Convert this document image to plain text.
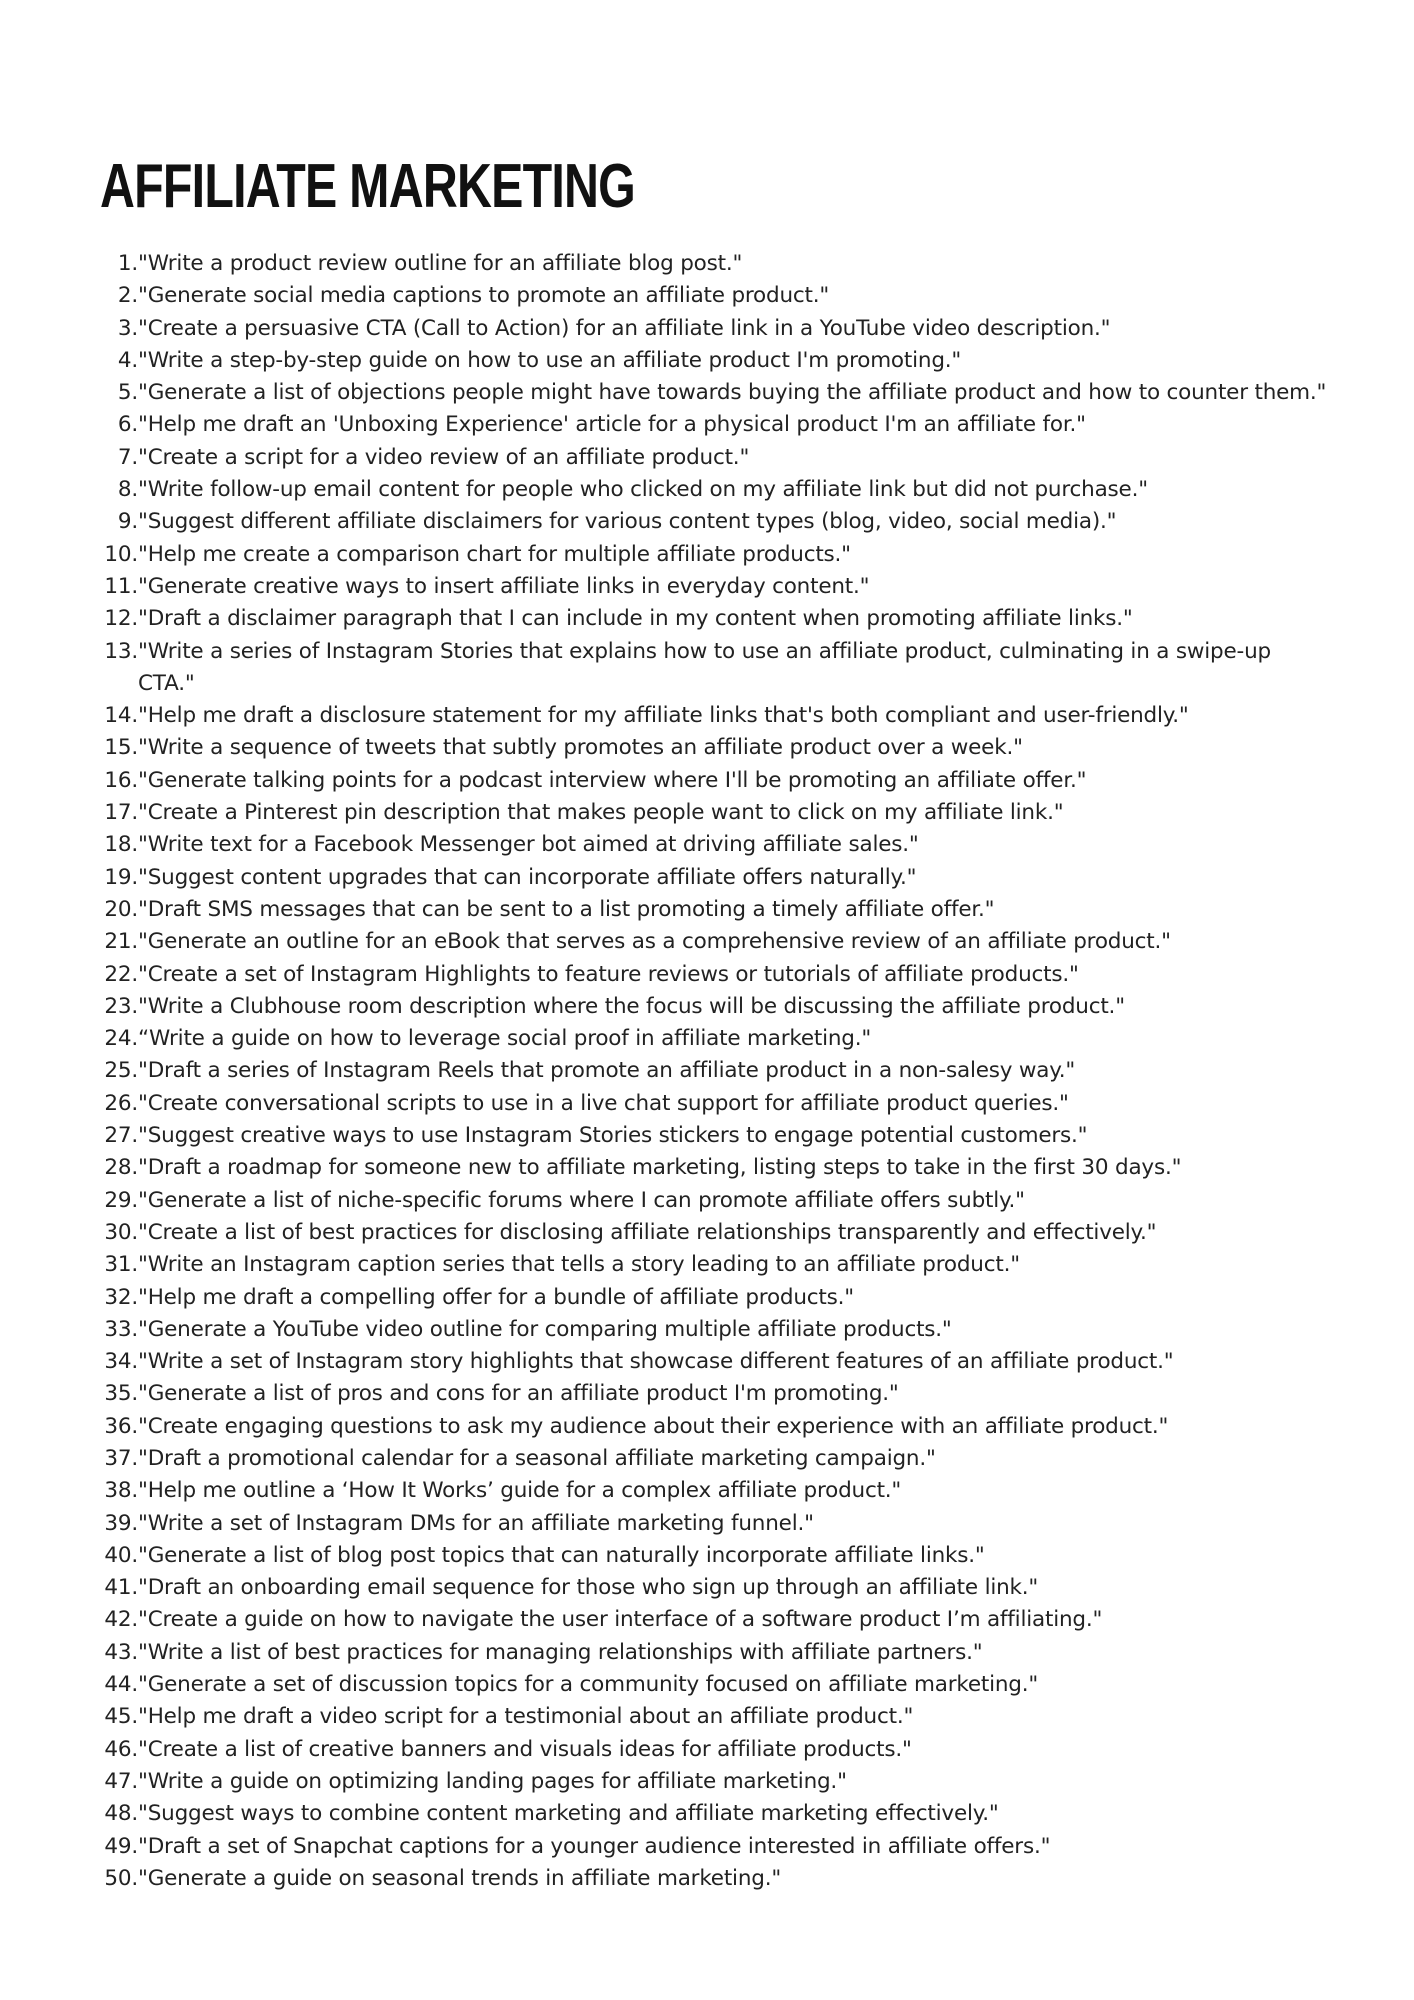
AFFILIATE MARKETING
1. "Write a product review outline for an affiliate blog post."
2. "Generate social media captions to promote an affiliate product."
3. "Create a persuasive CTA (Call to Action) for an affiliate link in a YouTube video description."
4. "Write a step-by-step guide on how to use an affiliate product I'm promoting."
5. "Generate a list of objections people might have towards buying the affiliate product and how to counter them."
6. "Help me draft an 'Unboxing Experience' article for a physical product I'm an affiliate for."
7. "Create a script for a video review of an affiliate product."
8. "Write follow-up email content for people who clicked on my affiliate link but did not purchase."
9. "Suggest different affiliate disclaimers for various content types (blog, video, social media)."
10. "Help me create a comparison chart for multiple affiliate products."
11. "Generate creative ways to insert affiliate links in everyday content."
12. "Draft a disclaimer paragraph that I can include in my content when promoting affiliate links."
13. "Write a series of Instagram Stories that explains how to use an affiliate product, culminating in a swipe-up CTA."
14. "Help me draft a disclosure statement for my affiliate links that's both compliant and user-friendly."
15. "Write a sequence of tweets that subtly promotes an affiliate product over a week."
16. "Generate talking points for a podcast interview where I'll be promoting an affiliate offer."
17. "Create a Pinterest pin description that makes people want to click on my affiliate link."
18. "Write text for a Facebook Messenger bot aimed at driving affiliate sales."
19. "Suggest content upgrades that can incorporate affiliate offers naturally."
20. "Draft SMS messages that can be sent to a list promoting a timely affiliate offer."
21. "Generate an outline for an eBook that serves as a comprehensive review of an affiliate product."
22. "Create a set of Instagram Highlights to feature reviews or tutorials of affiliate products."
23. "Write a Clubhouse room description where the focus will be discussing the affiliate product."
24. “Write a guide on how to leverage social proof in affiliate marketing."
25. "Draft a series of Instagram Reels that promote an affiliate product in a non-salesy way."
26. "Create conversational scripts to use in a live chat support for affiliate product queries."
27. "Suggest creative ways to use Instagram Stories stickers to engage potential customers."
28. "Draft a roadmap for someone new to affiliate marketing, listing steps to take in the first 30 days."
29. "Generate a list of niche-specific forums where I can promote affiliate offers subtly."
30. "Create a list of best practices for disclosing affiliate relationships transparently and effectively."
31. "Write an Instagram caption series that tells a story leading to an affiliate product."
32. "Help me draft a compelling offer for a bundle of affiliate products."
33. "Generate a YouTube video outline for comparing multiple affiliate products."
34. "Write a set of Instagram story highlights that showcase different features of an affiliate product."
35. "Generate a list of pros and cons for an affiliate product I'm promoting."
36. "Create engaging questions to ask my audience about their experience with an affiliate product."
37. "Draft a promotional calendar for a seasonal affiliate marketing campaign."
38. "Help me outline a ‘How It Works’ guide for a complex affiliate product."
39. "Write a set of Instagram DMs for an affiliate marketing funnel."
40. "Generate a list of blog post topics that can naturally incorporate affiliate links."
41. "Draft an onboarding email sequence for those who sign up through an affiliate link."
42. "Create a guide on how to navigate the user interface of a software product I’m affiliating."
43. "Write a list of best practices for managing relationships with affiliate partners."
44. "Generate a set of discussion topics for a community focused on affiliate marketing."
45. "Help me draft a video script for a testimonial about an affiliate product."
46. "Create a list of creative banners and visuals ideas for affiliate products."
47. "Write a guide on optimizing landing pages for affiliate marketing."
48. "Suggest ways to combine content marketing and affiliate marketing effectively."
49. "Draft a set of Snapchat captions for a younger audience interested in affiliate offers."
50. "Generate a guide on seasonal trends in affiliate marketing."
